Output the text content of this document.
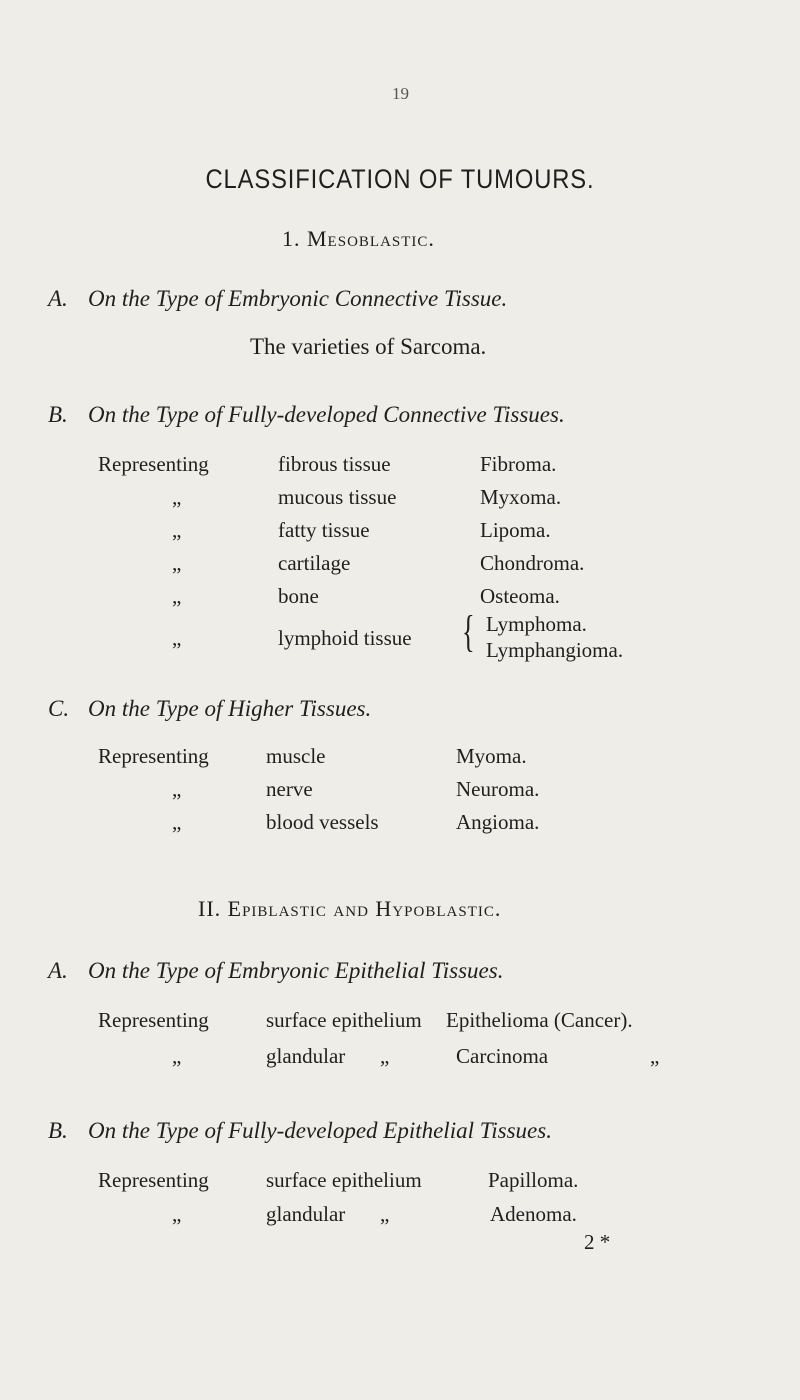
19
CLASSIFICATION OF TUMOURS.
1. Mesoblastic.
A. On the Type of Embryonic Connective Tissue.
The varieties of Sarcoma.
B. On the Type of Fully-developed Connective Tissues.
Representing	fibrous tissue	Fibroma.
„	mucous tissue	Myxoma.
„	fatty tissue	Lipoma.
„	cartilage	Chondroma.
„	bone	Osteoma.
„	lymphoid tissue { Lymphoma.
Lymphangioma.
C. On the Type of Higher Tissues.
Representing	muscle	Myoma.
„	nerve	Neuroma.
„	blood vessels	Angioma.
II. Epiblastic and Hypoblastic.
A. On the Type of Embryonic Epithelial Tissues.
Representing	surface epithelium Epithelioma (Cancer).
„	glandular „	Carcinoma	„
B. On the Type of Fully-developed Epithelial Tissues.
Representing	surface epithelium	Papilloma.
„	glandular „	Adenoma.
2 *
